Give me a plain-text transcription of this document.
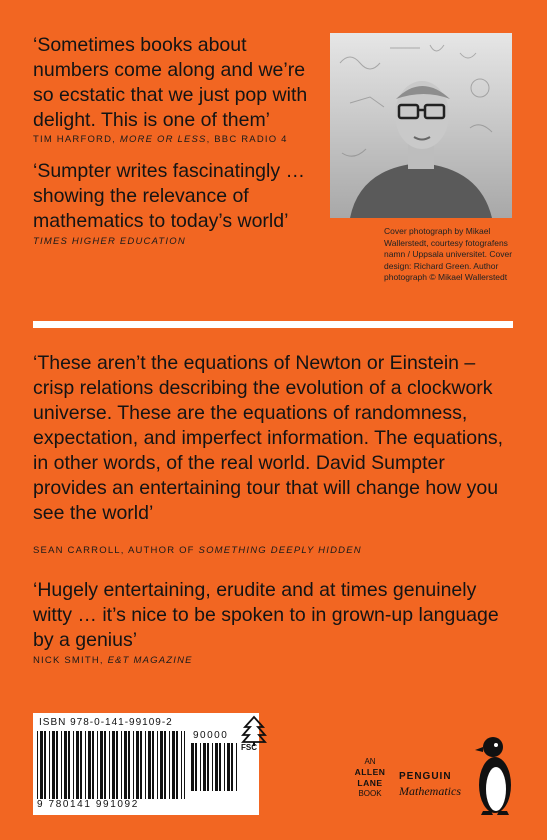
‘Sometimes books about numbers come along and we’re so ecstatic that we just pop with delight. This is one of them’

TIM HARFORD, MORE OR LESS, BBC RADIO 4

‘Sumpter writes fascinatingly … showing the relevance of mathematics to today’s world’

TIMES HIGHER EDUCATION
Cover photograph by Mikael Wallerstedt, courtesy fotografens namn / Uppsala universitet. Cover design: Richard Green. Author photograph © Mikael Wallerstedt

‘These aren’t the equations of Newton or Einstein – crisp relations describing the evolution of a clockwork universe. These are the equations of randomness, expectation, and imperfect information. The equations, in other words, of the real world. David Sumpter provides an entertaining tour that will change how you see the world’

SEAN CARROLL, AUTHOR OF SOMETHING DEEPLY HIDDEN

‘Hugely entertaining, erudite and at times genuinely witty … it’s nice to be spoken to in grown-up language by a genius’

NICK SMITH, E&T MAGAZINE
ISBN 978-0-141-99109-2
90000
9 780141 991092
FSC
AN
ALLEN
LANE
BOOK
PENGUIN
Mathematics
